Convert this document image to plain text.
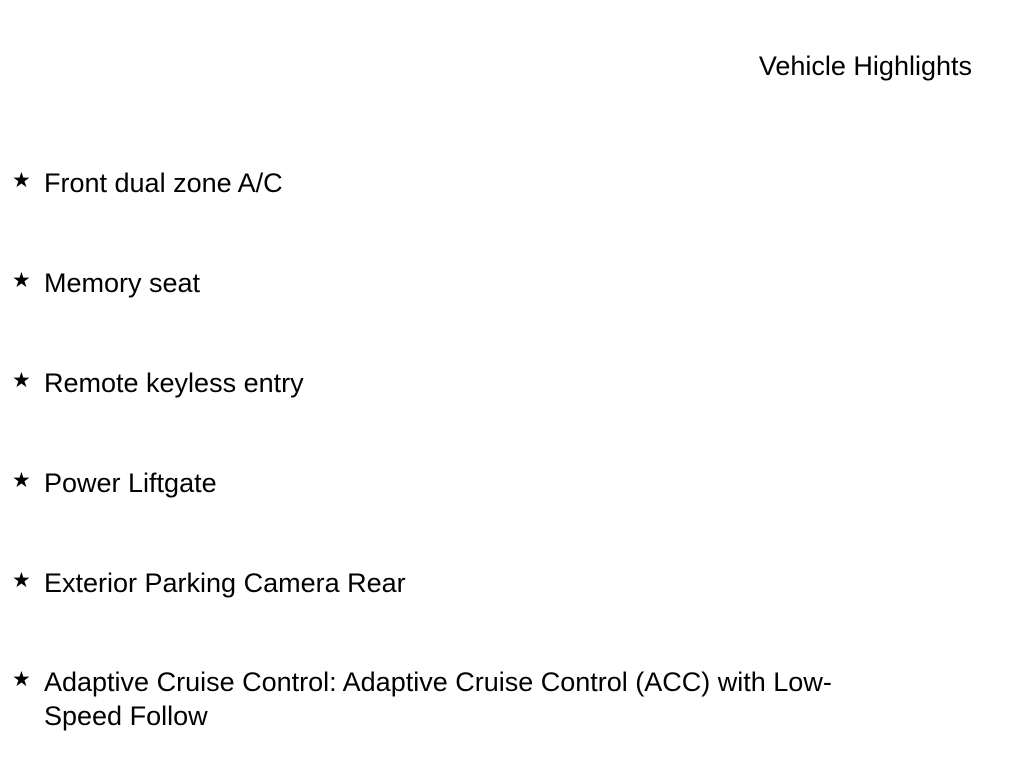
Vehicle Highlights
★ Front dual zone A/C
★ Memory seat
★ Remote keyless entry
★ Power Liftgate
★ Exterior Parking Camera Rear
★ Adaptive Cruise Control: Adaptive Cruise Control (ACC) with Low-
Speed Follow
